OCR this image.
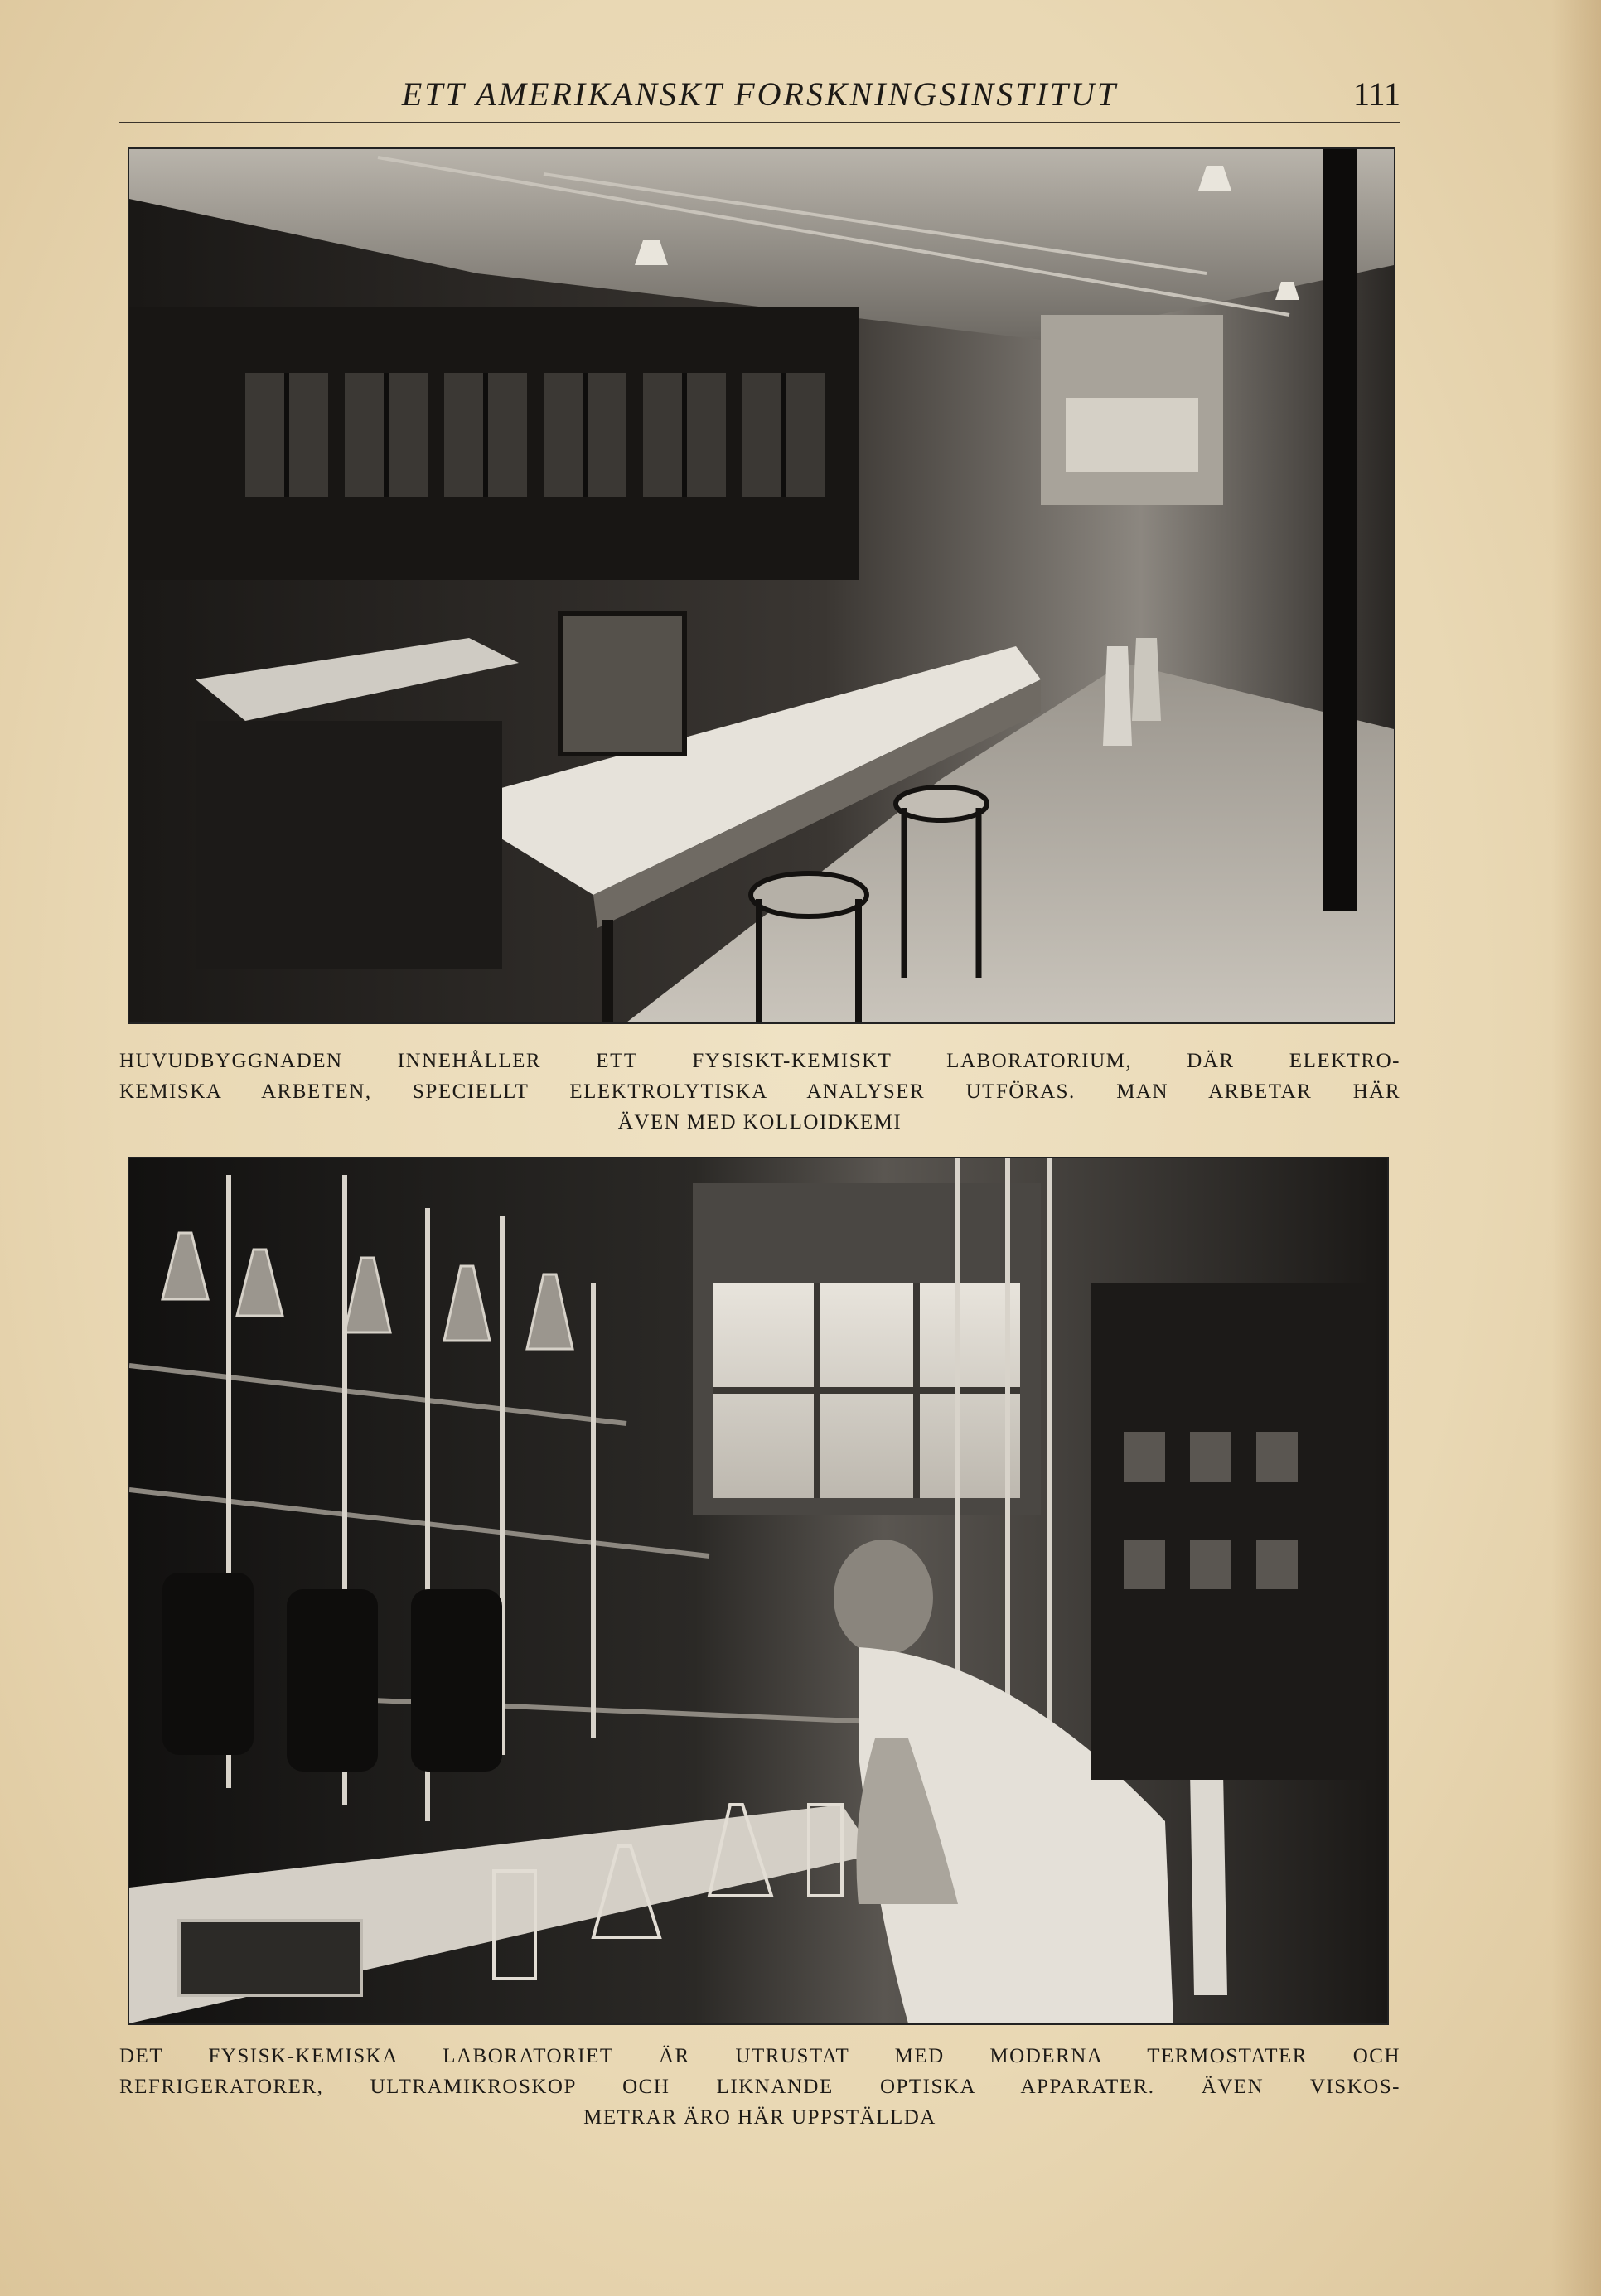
ETT AMERIKANSKT FORSKNINGSINSTITUT	111
HUVUDBYGGNADEN INNEHÅLLER ETT FYSISKT-KEMISKT LABORATORIUM, DÄR ELEKTRO-
KEMISKA ARBETEN, SPECIELLT ELEKTROLYTISKA ANALYSER UTFÖRAS. MAN ARBETAR HÄR
ÄVEN MED KOLLOIDKEMI
DET FYSISK-KEMISKA LABORATORIET ÄR UTRUSTAT MED MODERNA TERMOSTATER OCH
REFRIGERATORER, ULTRAMIKROSKOP OCH LIKNANDE OPTISKA APPARATER. ÄVEN VISKOS-
METRAR ÄRO HÄR UPPSTÄLLDA
